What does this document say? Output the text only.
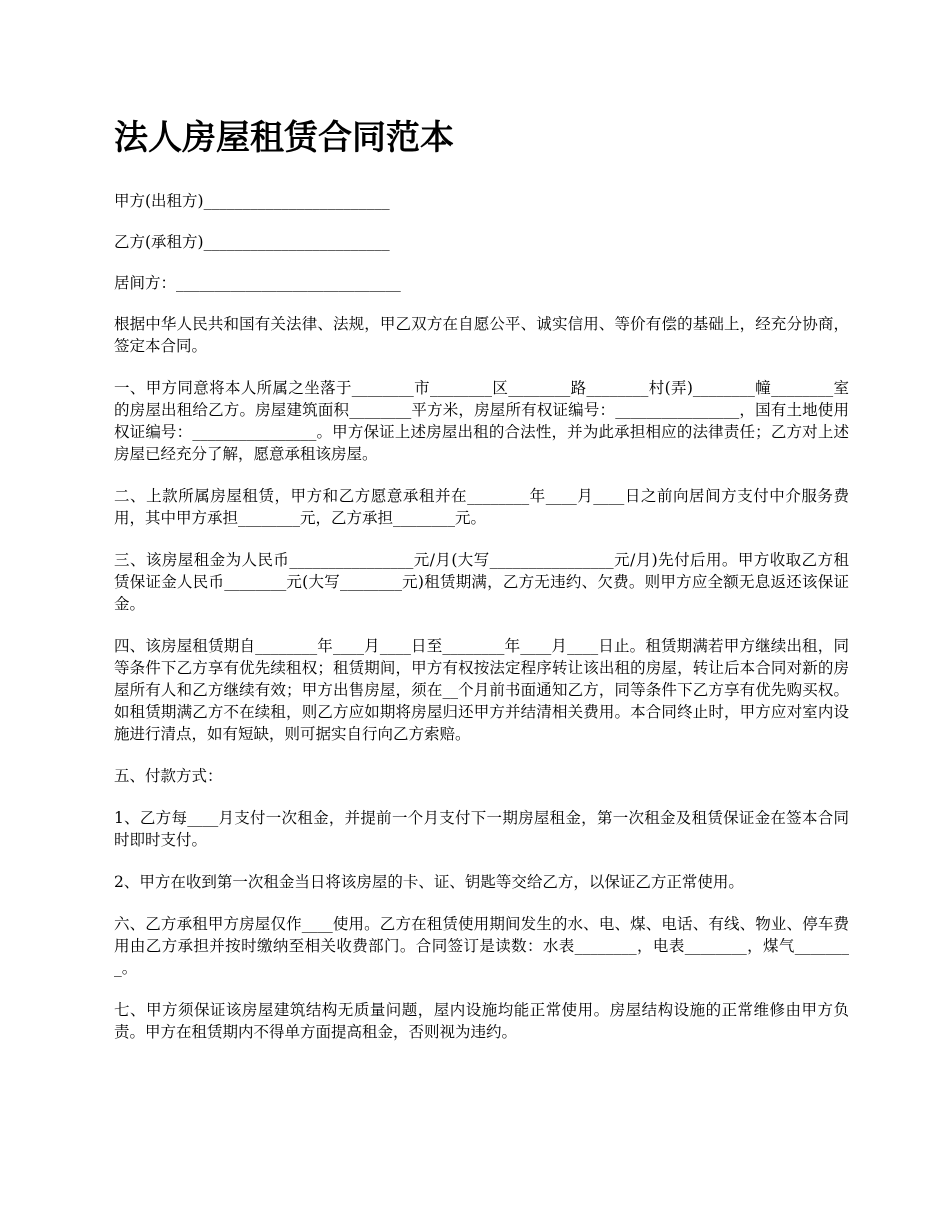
法人房屋租赁合同范本

甲方(出租方)________________________

乙方(承租方)________________________

居间方：_____________________________

根据中华人民共和国有关法律、法规，甲乙双方在自愿公平、诚实信用、等价有偿的基础上，经充分协商，签定本合同。

一、甲方同意将本人所属之坐落于________市________区________路________村(弄)________幢________室的房屋出租给乙方。房屋建筑面积________平方米，房屋所有权证编号：________________，国有土地使用权证编号：________________。甲方保证上述房屋出租的合法性，并为此承担相应的法律责任；乙方对上述房屋已经充分了解，愿意承租该房屋。

二、上款所属房屋租赁，甲方和乙方愿意承租并在________年____月____日之前向居间方支付中介服务费用，其中甲方承担________元，乙方承担________元。

三、该房屋租金为人民币________________元/月(大写________________元/月)先付后用。甲方收取乙方租赁保证金人民币________元(大写________元)租赁期满，乙方无违约、欠费。则甲方应全额无息返还该保证金。

四、该房屋租赁期自________年____月____日至________年____月____日止。租赁期满若甲方继续出租，同等条件下乙方享有优先续租权；租赁期间，甲方有权按法定程序转让该出租的房屋，转让后本合同对新的房屋所有人和乙方继续有效；甲方出售房屋，须在__个月前书面通知乙方，同等条件下乙方享有优先购买权。如租赁期满乙方不在续租，则乙方应如期将房屋归还甲方并结清相关费用。本合同终止时，甲方应对室内设施进行清点，如有短缺，则可据实自行向乙方索赔。

五、付款方式：

1、乙方每____月支付一次租金，并提前一个月支付下一期房屋租金，第一次租金及租赁保证金在签本合同时即时支付。

2、甲方在收到第一次租金当日将该房屋的卡、证、钥匙等交给乙方，以保证乙方正常使用。

六、乙方承租甲方房屋仅作____使用。乙方在租赁使用期间发生的水、电、煤、电话、有线、物业、停车费用由乙方承担并按时缴纳至相关收费部门。合同签订是读数：水表________，电表________，煤气________。

七、甲方须保证该房屋建筑结构无质量问题，屋内设施均能正常使用。房屋结构设施的正常维修由甲方负责。甲方在租赁期内不得单方面提高租金，否则视为违约。
